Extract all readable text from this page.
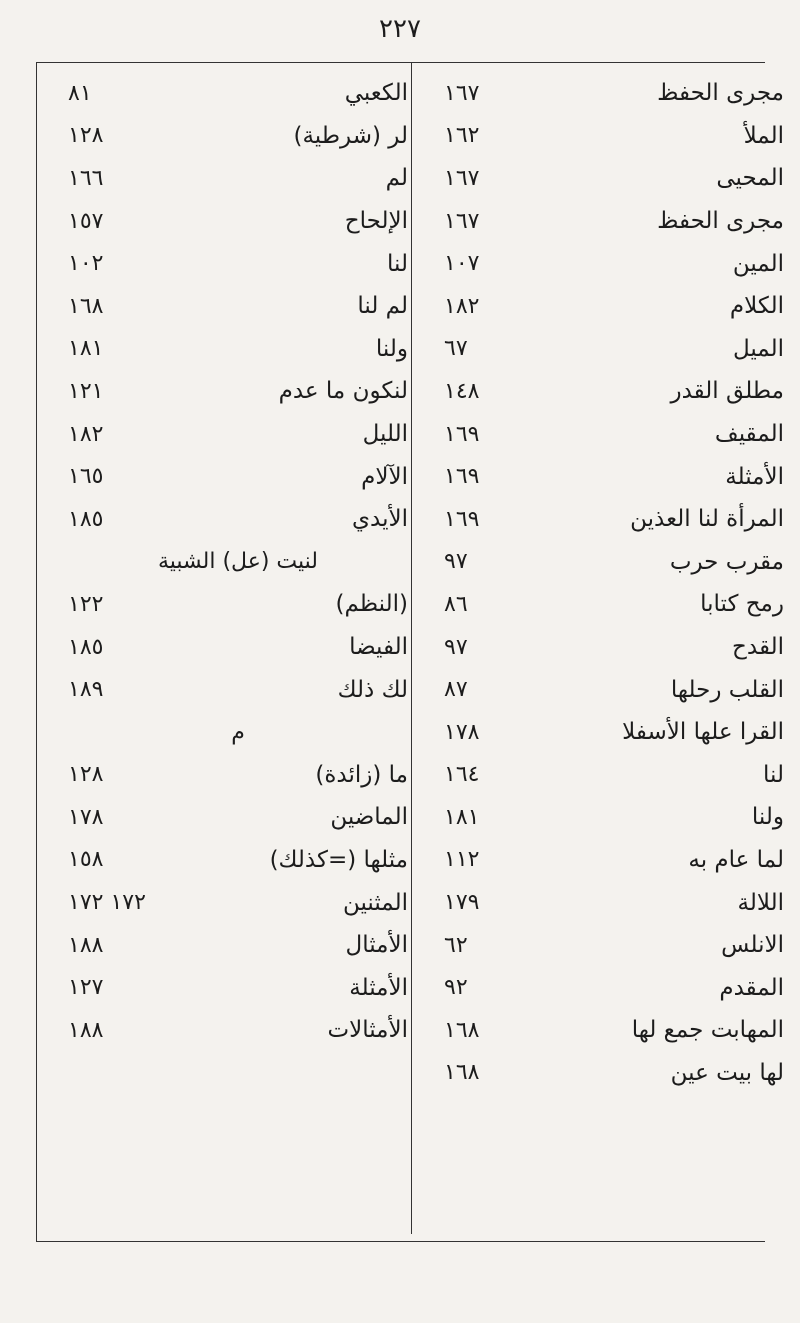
٢٢٧
٨١	الكعبي
١٢٨	لر (شرطية)
١٦٦	لم
١٥٧	الإلحاح
١٠٢	لنا
١٦٨	لم لنا
١٨١	ولنا
١٢١	لنكون ما عدم
١٨٢	الليل
١٦٥	الآلام
١٨٥	الأيدي
لنيت (عل) الشبية
١٢٢	(النظم)
١٨٥	الفيضا
١٨٩	لك ذلك
م
١٢٨	ما (زائدة)
١٧٨	الماضين
١٥٨	مثلها (=كذلك)
١٧٢ ١٧٢	المثنين
١٨٨	الأمثال
١٢٧	الأمثلة
١٨٨	الأمثالات
١٦٧	مجرى الحفظ
١٦٢	الملأ
١٦٧	المحيى
١٦٧	مجرى الحفظ
١٠٧	المين
١٨٢	الكلام
٦٧	الميل
١٤٨	مطلق القدر
١٦٩	المقيف
١٦٩	الأمثلة
١٦٩	المرأة لنا العذين
٩٧	مقرب حرب
٨٦	رمح كتابا
٩٧	القدح
٨٧	القلب رحلها
١٧٨	القرا علها الأسفلا
١٦٤	لنا
١٨١	ولنا
١١٢	لما عام به
١٧٩	اللالة
٦٢	الانلس
٩٢	المقدم
١٦٨	المهابت جمع لها
١٦٨	لها بيت عين
